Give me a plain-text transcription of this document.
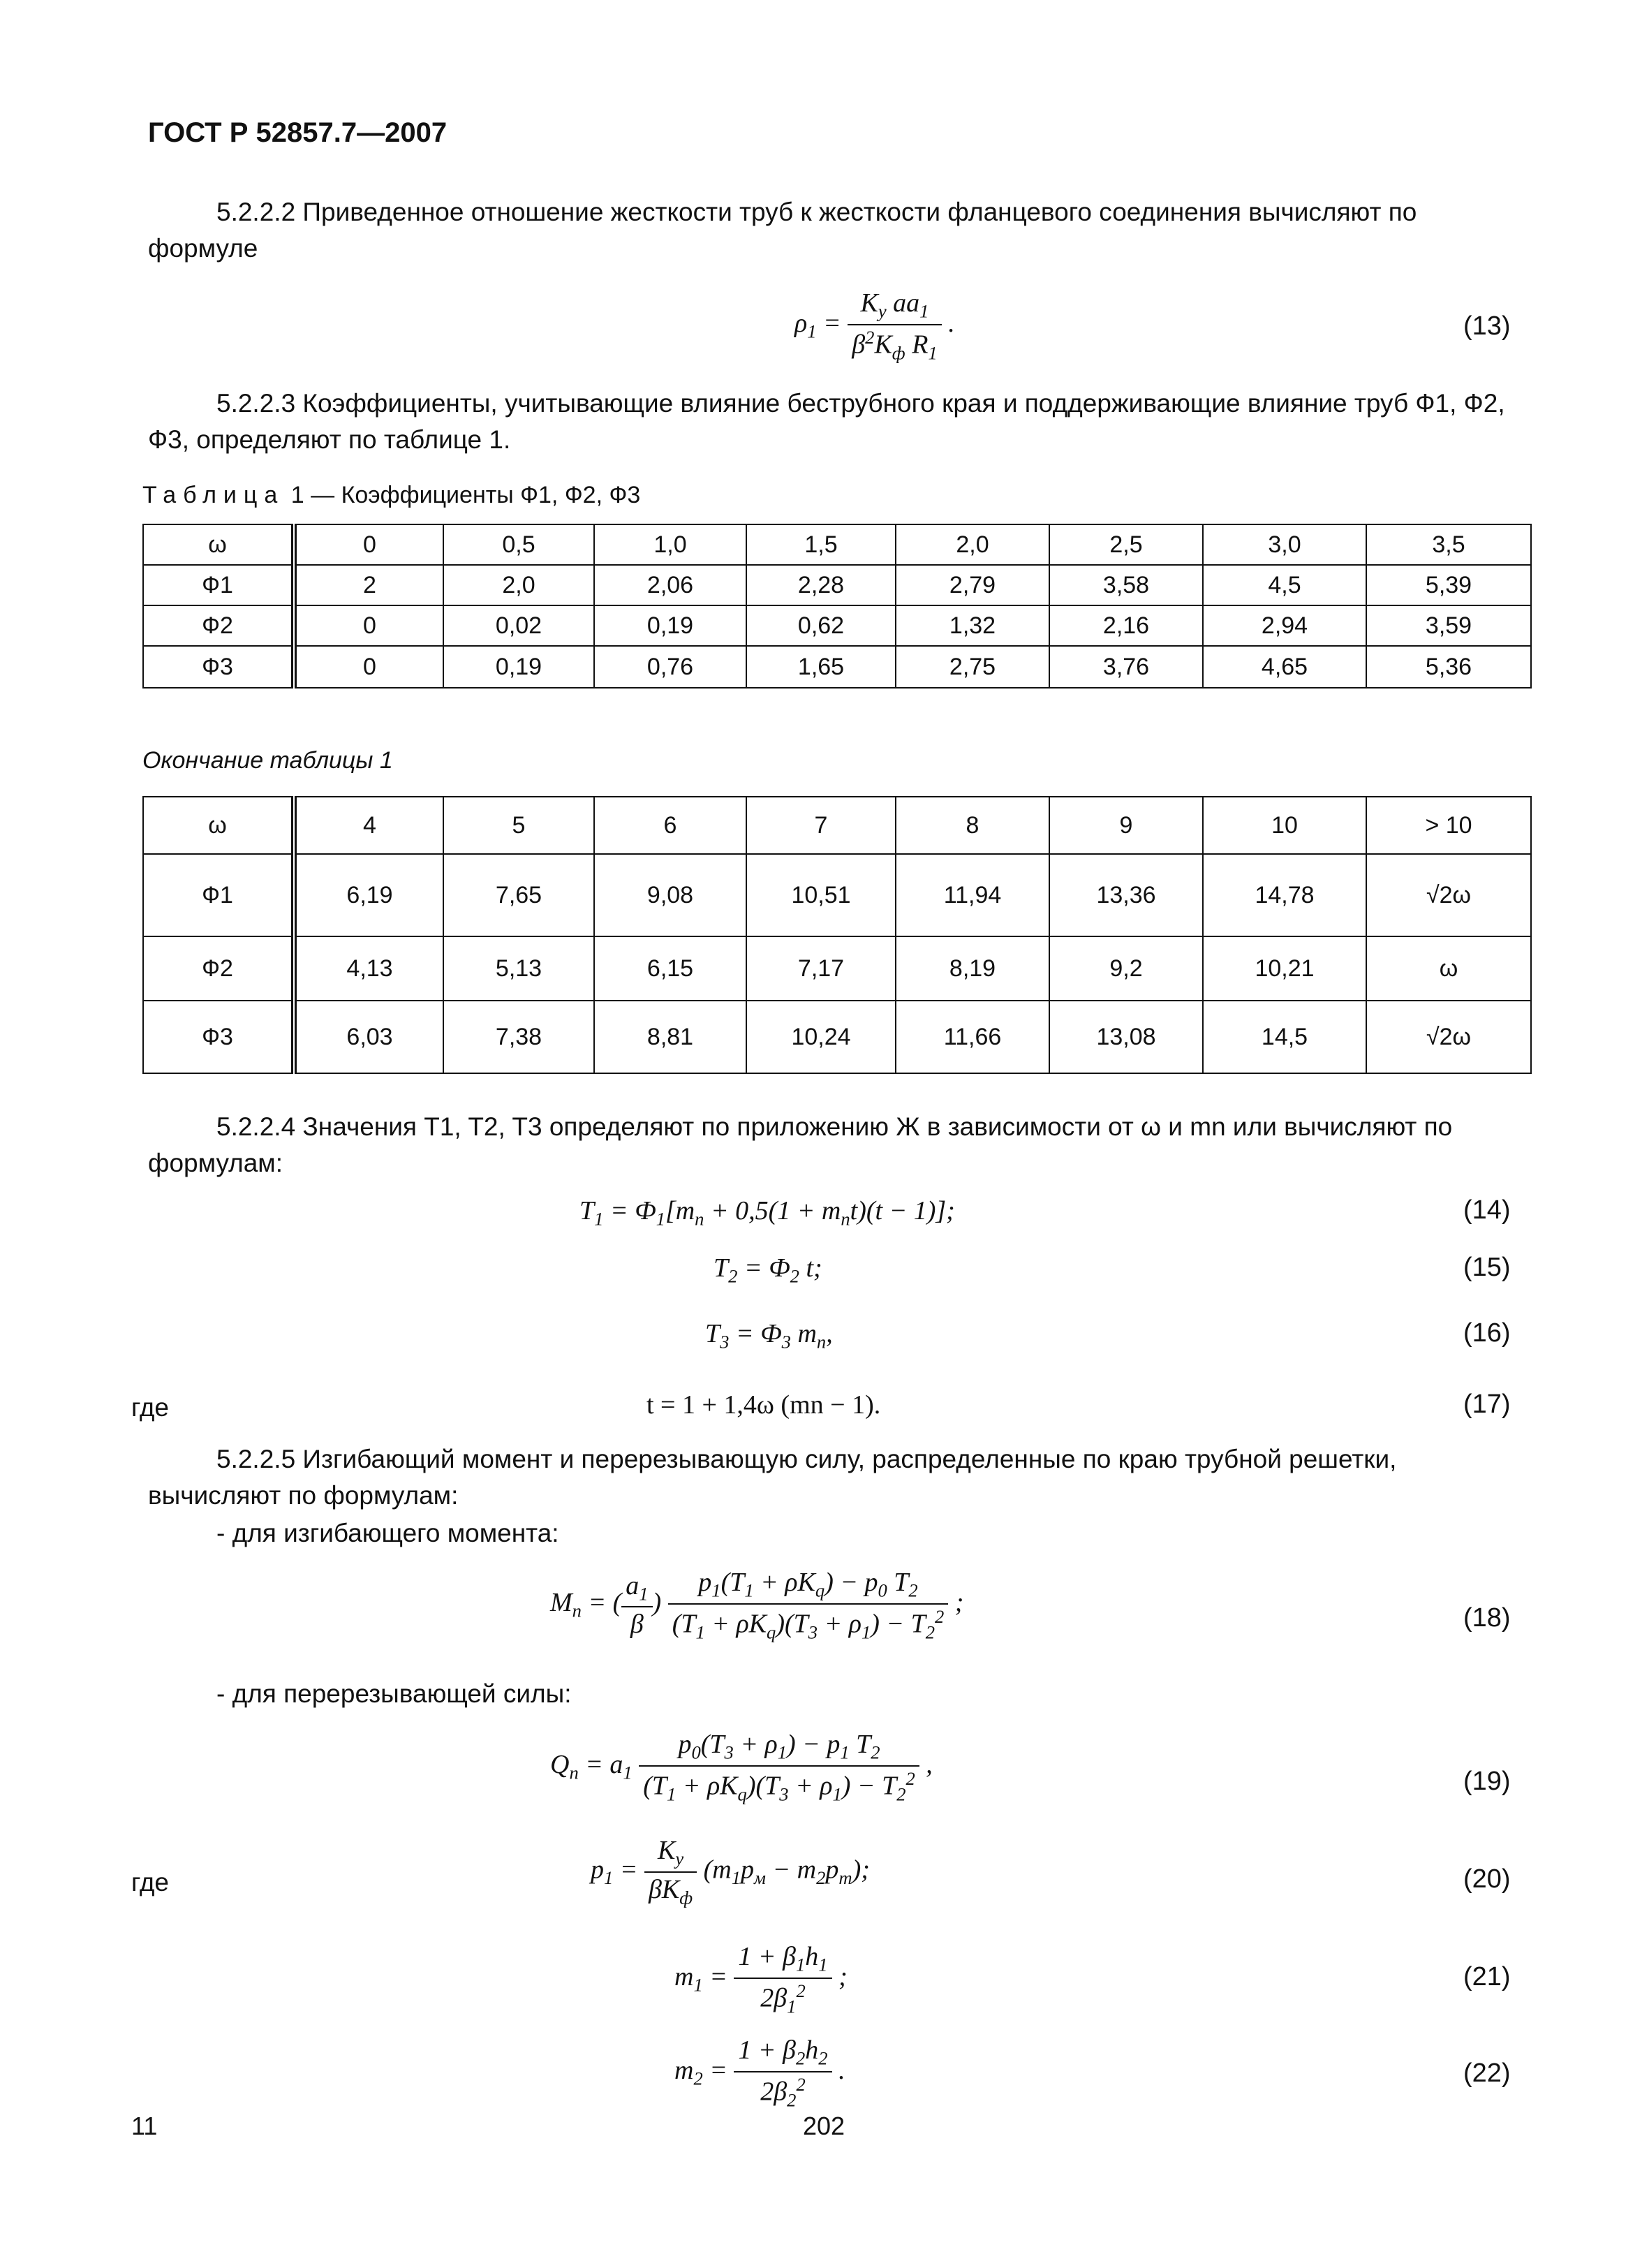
ГОСТ Р 52857.7—2007
5.2.2.2 Приведенное отношение жесткости труб к жесткости фланцевого соединения вычисляют по формуле
$\rho_1 = \frac{K_y aa_1}{\beta^2K_ф R_1}$ .	(13)
5.2.2.3 Коэффициенты, учитывающие влияние беструбного края и поддерживающие влияние труб Ф1, Ф2, Ф3, определяют по таблице 1.
Таблица 1 — Коэффициенты Ф1, Ф2, Ф3
ω	0	0,5	1,0	1,5	2,0	2,5	3,0	3,5
Ф1	2	2,0	2,06	2,28	2,79	3,58	4,5	5,39
Ф2	0	0,02	0,19	0,62	1,32	2,16	2,94	3,59
Ф3	0	0,19	0,76	1,65	2,75	3,76	4,65	5,36
Окончание таблицы 1
ω	4	5	6	7	8	9	10	> 10
Ф1	6,19	7,65	9,08	10,51	11,94	13,36	14,78	√2ω
Ф2	4,13	5,13	6,15	7,17	8,19	9,2	10,21	ω
Ф3	6,03	7,38	8,81	10,24	11,66	13,08	14,5	√2ω
5.2.2.4 Значения T1, T2, T3 определяют по приложению Ж в зависимости от ω и mn или вычисляют по формулам:
$T_1 = Ф_1[m_n + 0,5(1 + m_nt)(t - 1)]$;	(14)
$T_2 = Ф_2$ t;	(15)
$T_3 = Ф_3$ $m_n$,	(16)
где	t = 1 + 1,4ω (mn − 1).	(17)
5.2.2.5 Изгибающий момент и перерезывающую силу, распределенные по краю трубной решетки, вычисляют по формулам:
- для изгибающего момента:
$M_n$ = ( $\frac{a_1}{\beta}$ ) $\frac{p_1(T_1 + \rho K_q) - p_0 T_2}{(T_1 + \rho K_q)(T_3 + \rho_1) - T_2^2}$ ;
(18)
- для перерезывающей силы:
$Q_n = a_1 \frac{p_0(T_3 + \rho_1) - p_1 T_2}{(T_1 + \rho K_q)(T_3 + \rho_1) - T_2^2}$ ,
(19)
где	$p_1 = \frac{K_y}{\beta K_ф} (m_1p_м - m_2p_т)$;	(20)
$m_1 = \frac{1 + \beta_1h_1}{2\beta_1^2}$ ;	(21)
$m_2 = \frac{1 + \beta_2h_2}{2\beta_2^2}$ .	(22)
11	202
